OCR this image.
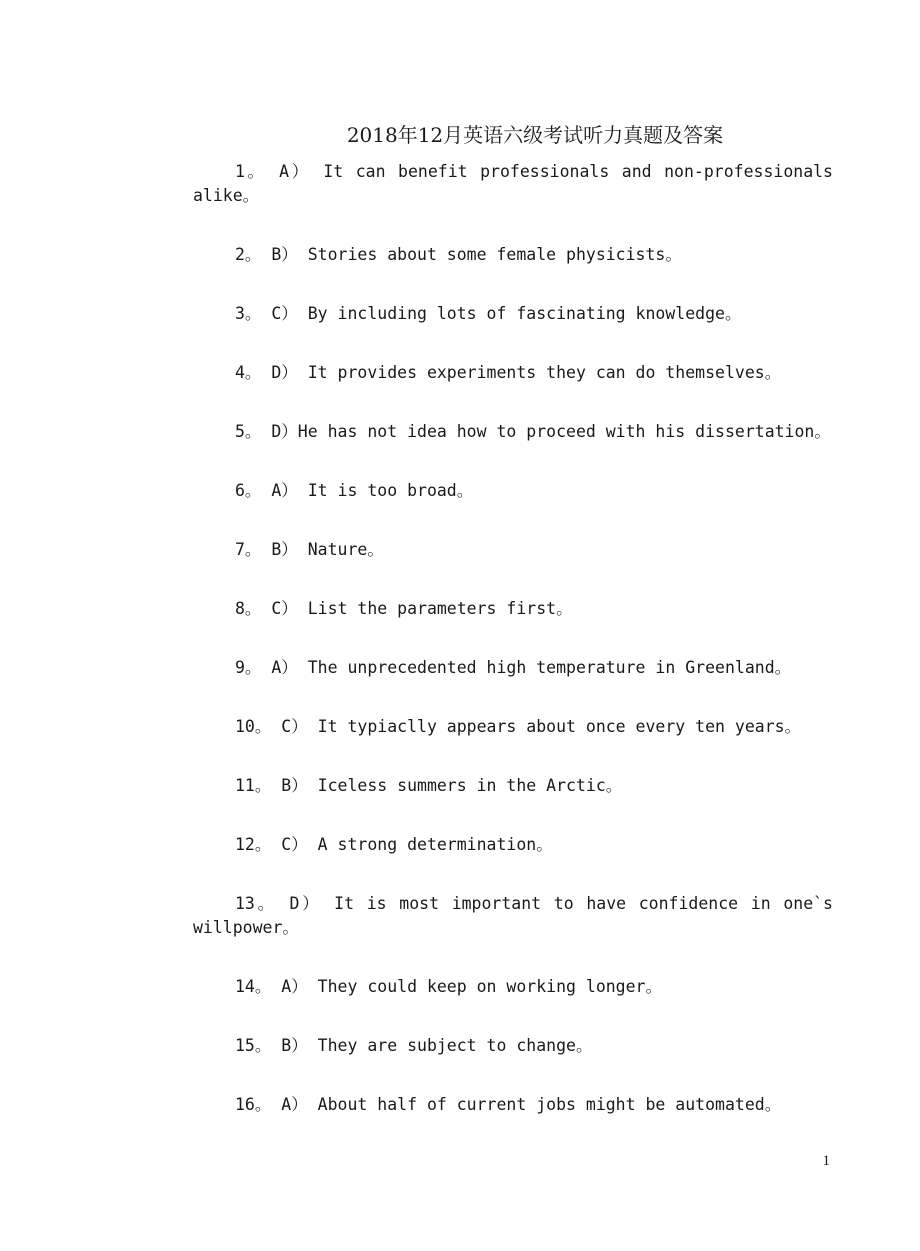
2018年12月英语六级考试听力真题及答案

1。 A） It can benefit professionals and non-professionals alike。

2。 B） Stories about some female physicists。

3。 C） By including lots of fascinating knowledge。

4。 D） It provides experiments they can do themselves。

5。 D）He has not idea how to proceed with his dissertation。

6。 A） It is too broad。

7。 B） Nature。

8。 C） List the parameters first。

9。 A） The unprecedented high temperature in Greenland。

10。 C） It typiaclly appears about once every ten years。

11。 B） Iceless summers in the Arctic。

12。 C） A strong determination。

13。 D） It is most important to have confidence in one`s willpower。

14。 A） They could keep on working longer。

15。 B） They are subject to change。

16。 A） About half of current jobs might be automated。

1
